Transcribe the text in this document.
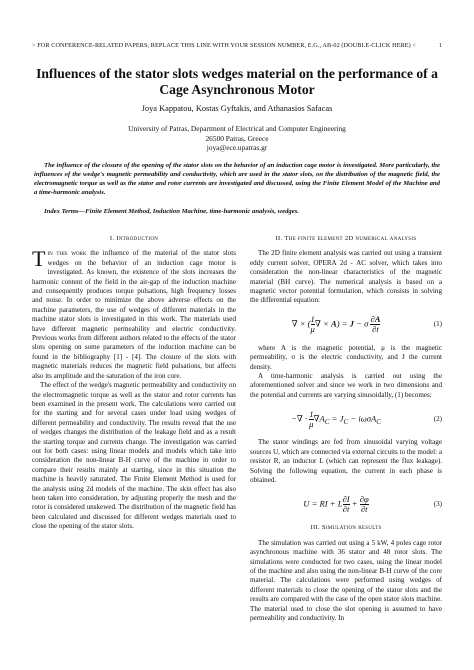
> FOR CONFERENCE-RELATED PAPERS, REPLACE THIS LINE WITH YOUR SESSION NUMBER, E.G., AB-02 (DOUBLE-CLICK HERE) <	1
Influences of the stator slots wedges material on the performance of a Cage Asynchronous Motor
Joya Kappatou, Kostas Gyftakis, and Athanasios Safacas
University of Patras, Department of Electrical and Computer Engineering
26500 Patras, Greece
joya@ece.upatras.gr
The influence of the closure of the opening of the stator slots on the behavior of an induction cage motor is investigated. More particularly, the influences of the wedge's magnetic permeability and conductivity, which are used in the stator slots, on the distribution of the magnetic field, the electromagnetic torque as well as the stator and rotor currents are investigated and discussed, using the Finite Element Model of the Machine and a time-harmonic analysis.
Index Terms—Finite Element Method, Induction Machine, time-harmonic analysis, wedges.
I. Introduction

Tin this work the influence of the material of the stator slots wedges on the behavior of an induction cage motor is investigated. As known, the existence of the slots increases the harmonic content of the field in the air-gap of the induction machine and consequently produces torque pulsations, high frequency losses and noise. In order to minimize the above adverse effects on the machine parameters, the use of wedges of different materials in the machine stator slots is investigated in this work. The materials used have different magnetic permeability and electric conductivity. Previous works from different authors related to the effects of the stator slots opening on some parameters of the induction machine can be found in the bibliography [1] - [4]. The closure of the slots with magnetic materials reduces the magnetic field pulsations, but affects also its amplitude and the saturation of the iron core.

The effect of the wedge's magnetic permeability and conductivity on the electromagnetic torque as well as the stator and rotor currents has been examined in the present work. The calculations were carried out for the starting and for several cases under load using wedges of different permeability and conductivity. The results reveal that the use of wedges changes the distribution of the leakage field and as a result the starting torque and currents change. The investigation was carried out for both cases: using linear models and models which take into consideration the non-linear B-H curve of the machine in order to compare their results mainly at starting, since in this situation the machine is heavily saturated. The Finite Element Method is used for the analysis using 2d models of the machine. The skin effect has also been taken into consideration, by adjusting properly the mesh and the rotor is considered unskewed. The distribution of the magnetic field has been calculated and discussed for different wedges materials used to close the opening of the stator slots.

II. The finite element 2D numerical analysis

The 2D finite element analysis was carried out using a transient eddy current solver, OPERA 2d - AC solver, which takes into consideration the non-linear characteristics of the magnetic material (BH curve). The numerical analysis is based on a magnetic vector potential formulation, which consists in solving the differential equation:

∇ × ( $\frac{1}{\mu}$ ∇ × A) = J − σ $\frac{\partial A}{\partial t}$	(1)

where A is the magnetic potential, μ is the magnetic permeability, σ is the electric conductivity, and J the current density.

A time-harmonic analysis is carried out using the aforementioned solver and since we work in two dimensions and the potential and currents are varying sinusoidally, (1) becomes:

−∇ · $\frac{1}{\mu} \nabla A_C = J_C - i\omega\sigma A_C$	(2)

The stator windings are fed from sinusoidal varying voltage sources U, which are connected via external circuits to the model: a resistor R, an inductor L (which can represent the flux leakage). Solving the following equation, the current in each phase is obtained.

U = RI + L $\frac{\partial I}{\partial t} + \frac{\partial\varphi}{\partial t}$	(3)
III. Simulation results

The simulation was carried out using a 5 kW, 4 poles cage rotor asynchronous machine with 36 stator and 48 rotor slots. The simulations were conducted for two cases, using the linear model of the machine and also using the non-linear B-H curve of the core material. The calculations were performed using wedges of different materials to close the opening of the stator slots and the results are compared with the case of the open stator slots machine. The material used to close the slot opening is assumed to have permeability and conductivity. In
